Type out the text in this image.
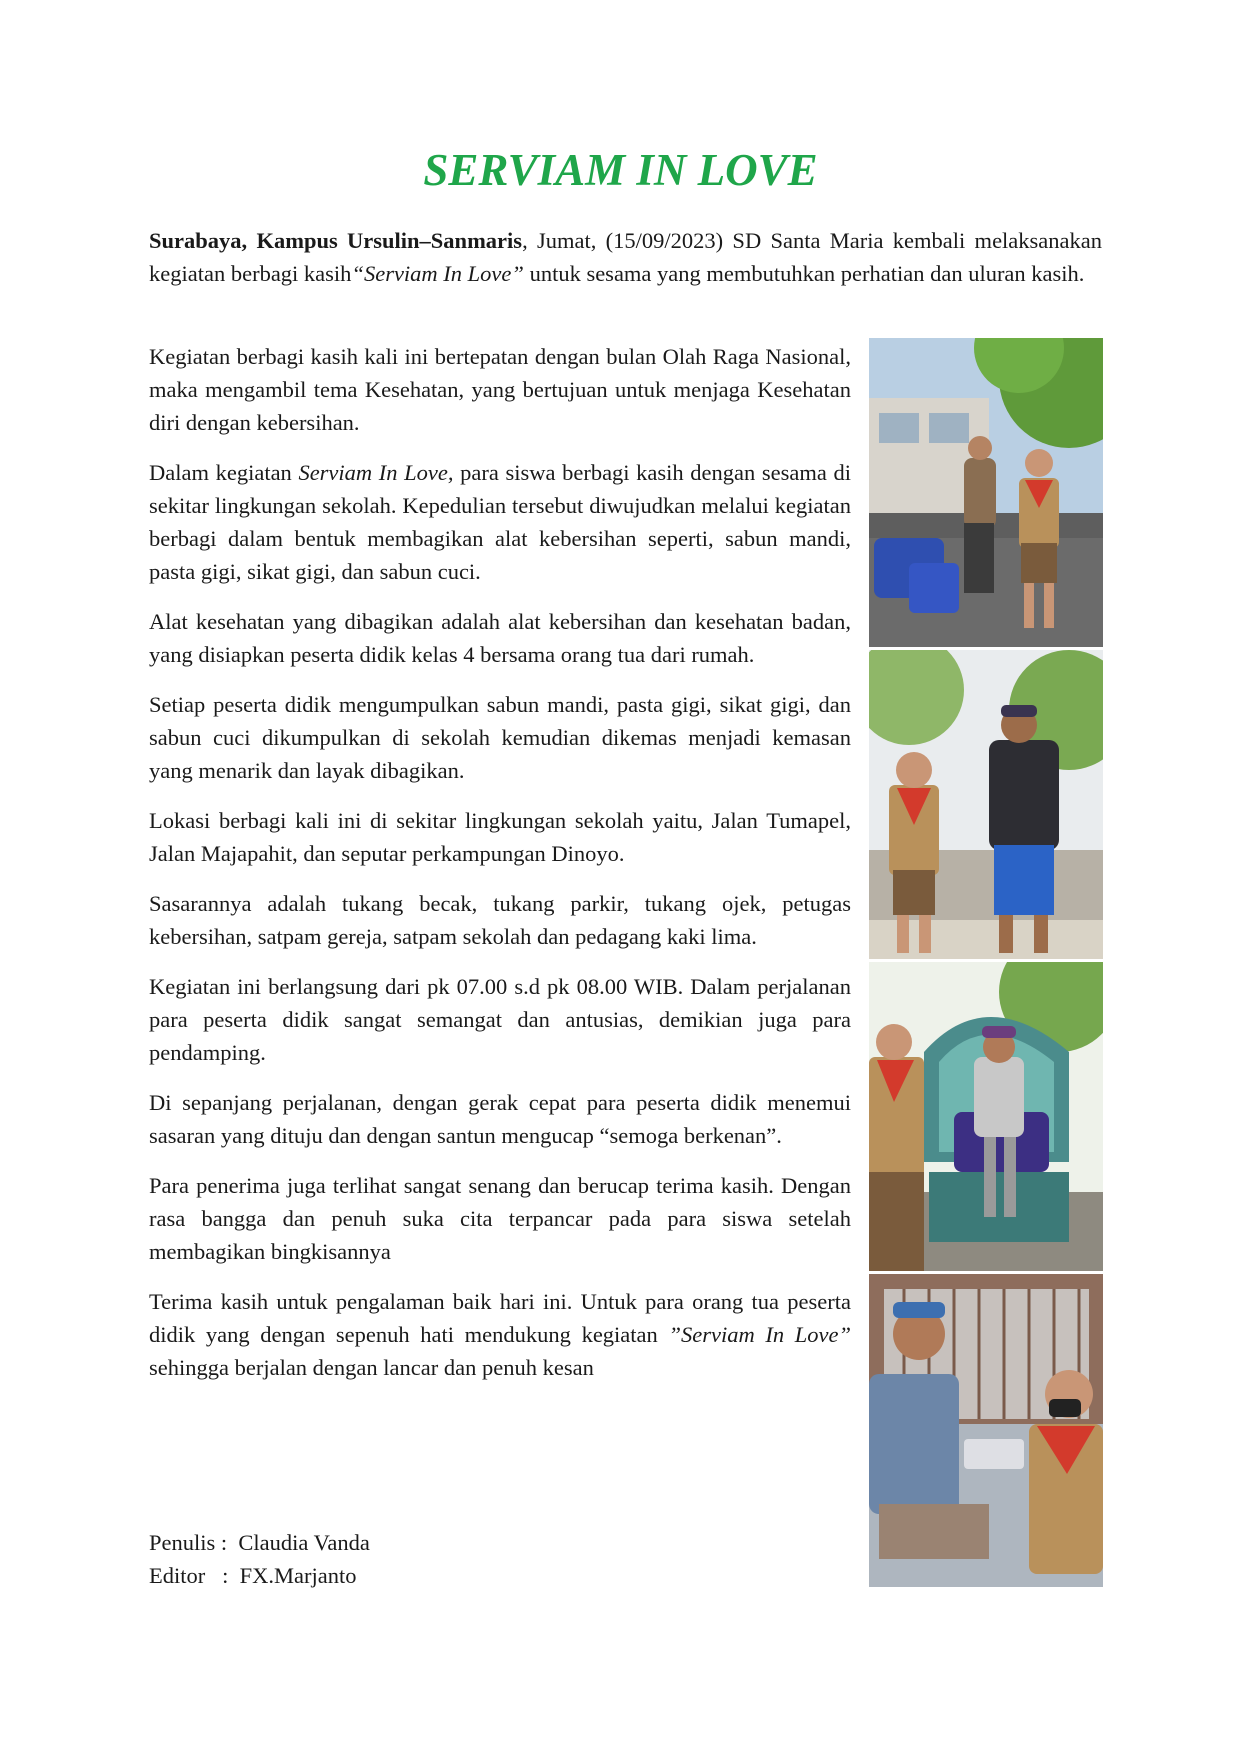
SERVIAM IN LOVE

Surabaya, Kampus Ursulin–Sanmaris, Jumat, (15/09/2023) SD Santa Maria kembali melaksanakan kegiatan berbagi kasih“Serviam In Love” untuk sesama yang membutuhkan perhatian dan uluran kasih.

Kegiatan berbagi kasih kali ini bertepatan dengan bulan Olah Raga Nasional, maka mengambil tema Kesehatan, yang bertujuan untuk menjaga Kesehatan diri dengan kebersihan.

Dalam kegiatan Serviam In Love, para siswa berbagi kasih dengan sesama di sekitar lingkungan sekolah. Kepedulian tersebut diwujudkan melalui kegiatan berbagi dalam bentuk membagikan alat kebersihan seperti, sabun mandi, pasta gigi, sikat gigi, dan sabun cuci.

Alat kesehatan yang dibagikan adalah alat kebersihan dan kesehatan badan, yang disiapkan peserta didik kelas 4 bersama orang tua dari rumah.

Setiap peserta didik mengumpulkan sabun mandi, pasta gigi, sikat gigi, dan sabun cuci dikumpulkan di sekolah kemudian dikemas menjadi kemasan yang menarik dan layak dibagikan.

Lokasi berbagi kali ini di sekitar lingkungan sekolah yaitu, Jalan Tumapel, Jalan Majapahit, dan seputar perkampungan Dinoyo.

Sasarannya adalah tukang becak, tukang parkir, tukang ojek, petugas kebersihan, satpam gereja, satpam sekolah dan pedagang kaki lima.

Kegiatan ini berlangsung dari pk 07.00 s.d pk 08.00 WIB. Dalam perjalanan para peserta didik sangat semangat dan antusias, demikian juga para pendamping.

Di sepanjang perjalanan, dengan gerak cepat para peserta didik menemui sasaran yang dituju dan dengan santun mengucap “semoga berkenan”.

Para penerima juga terlihat sangat senang dan berucap terima kasih. Dengan rasa bangga dan penuh suka cita terpancar pada para siswa setelah membagikan bingkisannya

Terima kasih untuk pengalaman baik hari ini. Untuk para orang tua peserta didik yang dengan sepenuh hati mendukung kegiatan ”Serviam In Love” sehingga berjalan dengan lancar dan penuh kesan

Penulis :  Claudia Vanda
Editor   :  FX.Marjanto
